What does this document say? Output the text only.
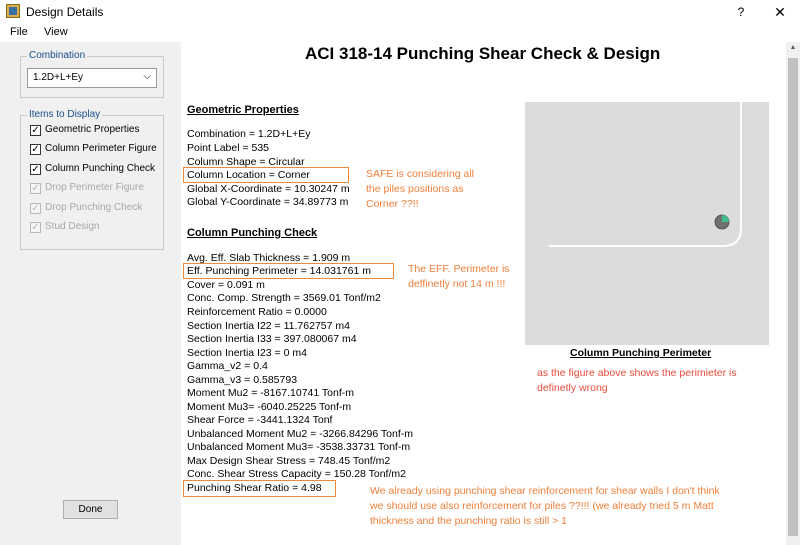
Design Details	?	✕
File View
Combination
1.2D+L+Ey	⌵
Items to Display
✓ Geometric Properties
✓ Column Perimeter Figure
✓ Column Punching Check
✓ Drop Perimeter Figure
✓ Drop Punching Check
✓ Stud Design
Done
▲
ACI 318-14 Punching Shear Check & Design
Geometric Properties
Combination = 1.2D+L+Ey
Point Label = 535
Column Shape = Circular
Column Location = Corner
Global X-Coordinate = 10.30247 m
Global Y-Coordinate = 34.89773 m
Column Punching Check
Avg. Eff. Slab Thickness = 1.909 m
Eff. Punching Perimeter = 14.031761 m
Cover = 0.091 m
Conc. Comp. Strength = 3569.01 Tonf/m2
Reinforcement Ratio = 0.0000
Section Inertia I22 = 11.762757 m4
Section Inertia I33 = 397.080067 m4
Section Inertia I23 = 0 m4
Gamma_v2 = 0.4
Gamma_v3 = 0.585793
Moment Mu2 = -8167.10741 Tonf-m
Moment Mu3= -6040.25225 Tonf-m
Shear Force = -3441.1324 Tonf
Unbalanced Moment Mu2 = -3266.84296 Tonf-m
Unbalanced Moment Mu3= -3538.33731 Tonf-m
Max Design Shear Stress = 748.45 Tonf/m2
Conc. Shear Stress Capacity = 150.28 Tonf/m2
Punching Shear Ratio = 4.98
Column Punching Perimeter
SAFE is considering all
the piles positions as
Corner ??!!
The EFF. Perimeter is
deffinetly not 14 m !!!
as the figure above shows the perimieter is
definetly wrong
We already using punching shear reinforcement for shear walls I don't think
we should use also reinforcement for piles ??!!! (we already tried 5 m Matt
thickness and the punching ratio is still > 1
